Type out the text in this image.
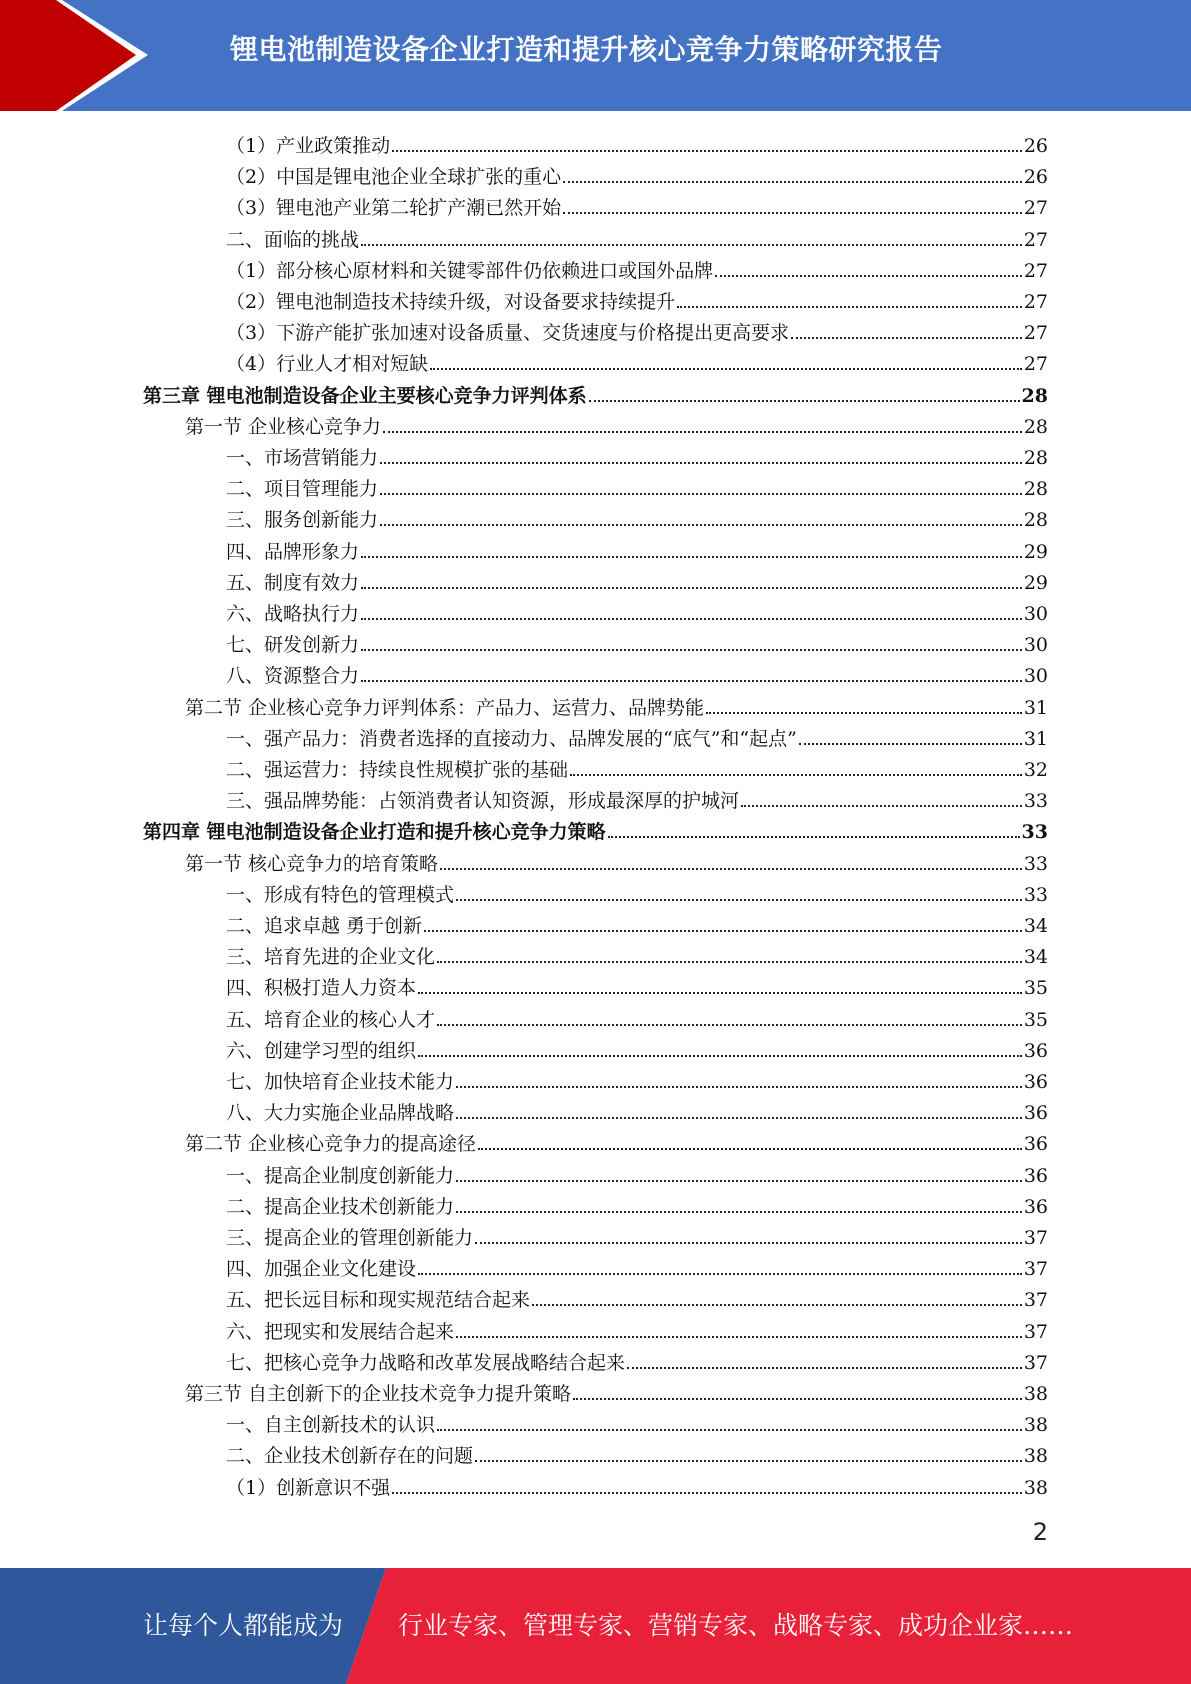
锂电池制造设备企业打造和提升核心竞争力策略研究报告
（1）产业政策推动	26
（2）中国是锂电池企业全球扩张的重心	26
（3）锂电池产业第二轮扩产潮已然开始	27
二、面临的挑战	27
（1）部分核心原材料和关键零部件仍依赖进口或国外品牌	27
（2）锂电池制造技术持续升级，对设备要求持续提升	27
（3）下游产能扩张加速对设备质量、交货速度与价格提出更高要求	27
（4）行业人才相对短缺	27
第三章 锂电池制造设备企业主要核心竞争力评判体系	28
第一节 企业核心竞争力	28
一、市场营销能力	28
二、项目管理能力	28
三、服务创新能力	28
四、品牌形象力	29
五、制度有效力	29
六、战略执行力	30
七、研发创新力	30
八、资源整合力	30
第二节 企业核心竞争力评判体系：产品力、运营力、品牌势能	31
一、强产品力：消费者选择的直接动力、品牌发展的“底气”和“起点”	31
二、强运营力：持续良性规模扩张的基础	32
三、强品牌势能：占领消费者认知资源，形成最深厚的护城河	33
第四章 锂电池制造设备企业打造和提升核心竞争力策略	33
第一节 核心竞争力的培育策略	33
一、形成有特色的管理模式	33
二、追求卓越 勇于创新	34
三、培育先进的企业文化	34
四、积极打造人力资本	35
五、培育企业的核心人才	35
六、创建学习型的组织	36
七、加快培育企业技术能力	36
八、大力实施企业品牌战略	36
第二节 企业核心竞争力的提高途径	36
一、提高企业制度创新能力	36
二、提高企业技术创新能力	36
三、提高企业的管理创新能力	37
四、加强企业文化建设	37
五、把长远目标和现实规范结合起来	37
六、把现实和发展结合起来	37
七、把核心竞争力战略和改革发展战略结合起来	37
第三节 自主创新下的企业技术竞争力提升策略	38
一、自主创新技术的认识	38
二、企业技术创新存在的问题	38
（1）创新意识不强	38
2
让每个人都能成为 行业专家、管理专家、营销专家、战略专家、成功企业家……
